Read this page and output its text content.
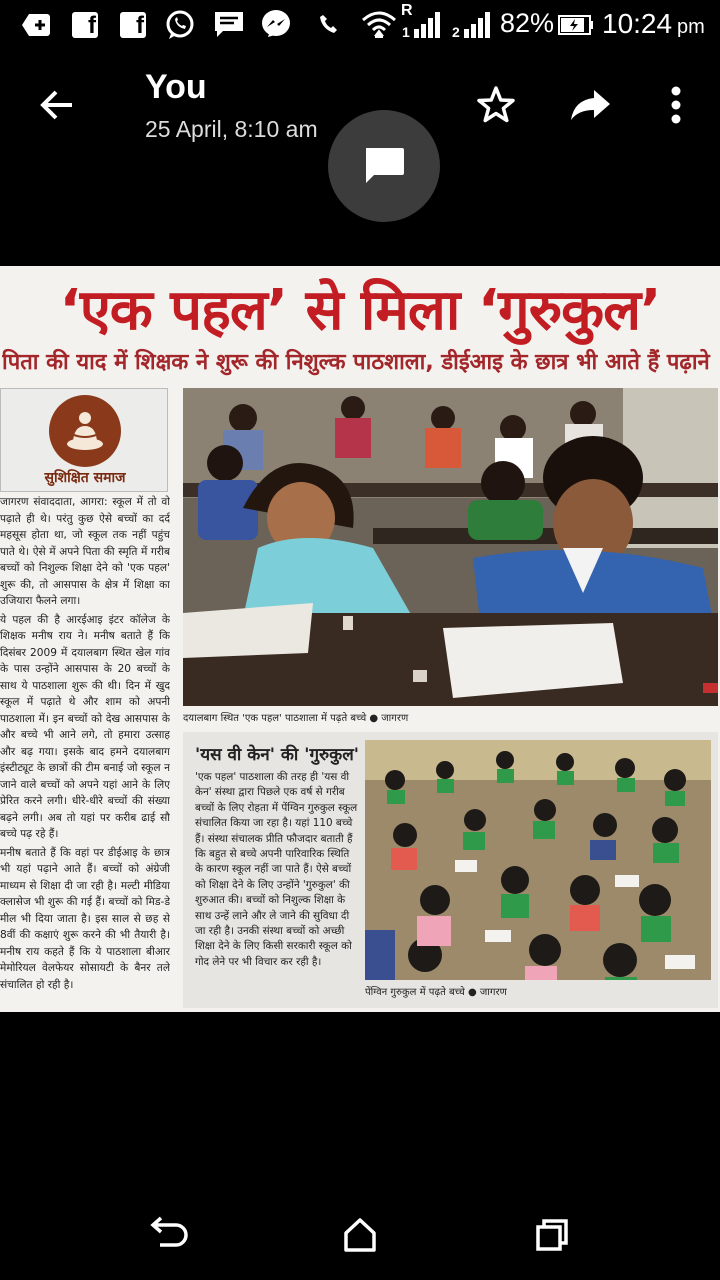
f	f
R
1	2 82% 10:24 pm
You
25 April, 8:10 am
‘एक पहल’ से मिला ‘गुरुकुल’
पिता की याद में शिक्षक ने शुरू की निशुल्क पाठशाला, डीईआइ के छात्र भी आते हैं पढ़ाने
सुशिक्षित समाज

जागरण संवाददाता, आगरा: स्कूल में तो वो पढ़ाते ही थे। परंतु कुछ ऐसे बच्चों का दर्द महसूस होता था, जो स्कूल तक नहीं पहुंच पाते थे। ऐसे में अपने पिता की स्मृति में गरीब बच्चों को निशुल्क शिक्षा देने को 'एक पहल' शुरू की, तो आसपास के क्षेत्र में शिक्षा का उजियारा फैलने लगा।

ये पहल की है आरईआइ इंटर कॉलेज के शिक्षक मनीष राय ने। मनीष बताते हैं कि दिसंबर 2009 में दयालबाग स्थित खेल गांव के पास उन्होंने आसपास के 20 बच्चों के साथ ये पाठशाला शुरू की थी। दिन में खुद स्कूल में पढ़ाते थे और शाम को अपनी पाठशाला में। इन बच्चों को देख आसपास के और बच्चे भी आने लगे, तो हमारा उत्साह और बढ़ गया। इसके बाद हमने दयालबाग इंस्टीट्यूट के छात्रों की टीम बनाई जो स्कूल न जाने वाले बच्चों को अपने यहां आने के लिए प्रेरित करने लगी। धीरे-धीरे बच्चों की संख्या बढ़ने लगी। अब तो यहां पर करीब ढाई सौ बच्चे पढ़ रहे हैं।

मनीष बताते हैं कि वहां पर डीईआइ के छात्र भी यहां पढ़ाने आते हैं। बच्चों को अंग्रेजी माध्यम से शिक्षा दी जा रही है। मल्टी मीडिया क्लासेज भी शुरू की गई हैं। बच्चों को मिड-डे मील भी दिया जाता है। इस साल से छह से 8वीं की कक्षाएं शुरू करने की भी तैयारी है। मनीष राय कहते हैं कि ये पाठशाला बीआर मेमोरियल वेलफेयर सोसायटी के बैनर तले संचालित हो रही है।

दयालबाग स्थित 'एक पहल' पाठशाला में पढ़ते बच्चे ● जागरण
'यस वी केन' की 'गुरुकुल'
'एक पहल' पाठशाला की तरह ही 'यस वी केन' संस्था द्वारा पिछले एक वर्ष से गरीब बच्चों के लिए रोहता में पेंग्विन गुरुकुल स्कूल संचालित किया जा रहा है। यहां 110 बच्चे हैं। संस्था संचालक प्रीति फौजदार बताती हैं कि बहुत से बच्चे अपनी पारिवारिक स्थिति के कारण स्कूल नहीं जा पाते हैं। ऐसे बच्चों को शिक्षा देने के लिए उन्होंने 'गुरुकुल' की शुरुआत की। बच्चों को निशुल्क शिक्षा के साथ उन्हें लाने और ले जाने की सुविधा दी जा रही है। उनकी संस्था बच्चों को अच्छी शिक्षा देने के लिए किसी सरकारी स्कूल को गोद लेने पर भी विचार कर रही है।
पेंग्विन गुरुकुल में पढ़ते बच्चे ● जागरण
